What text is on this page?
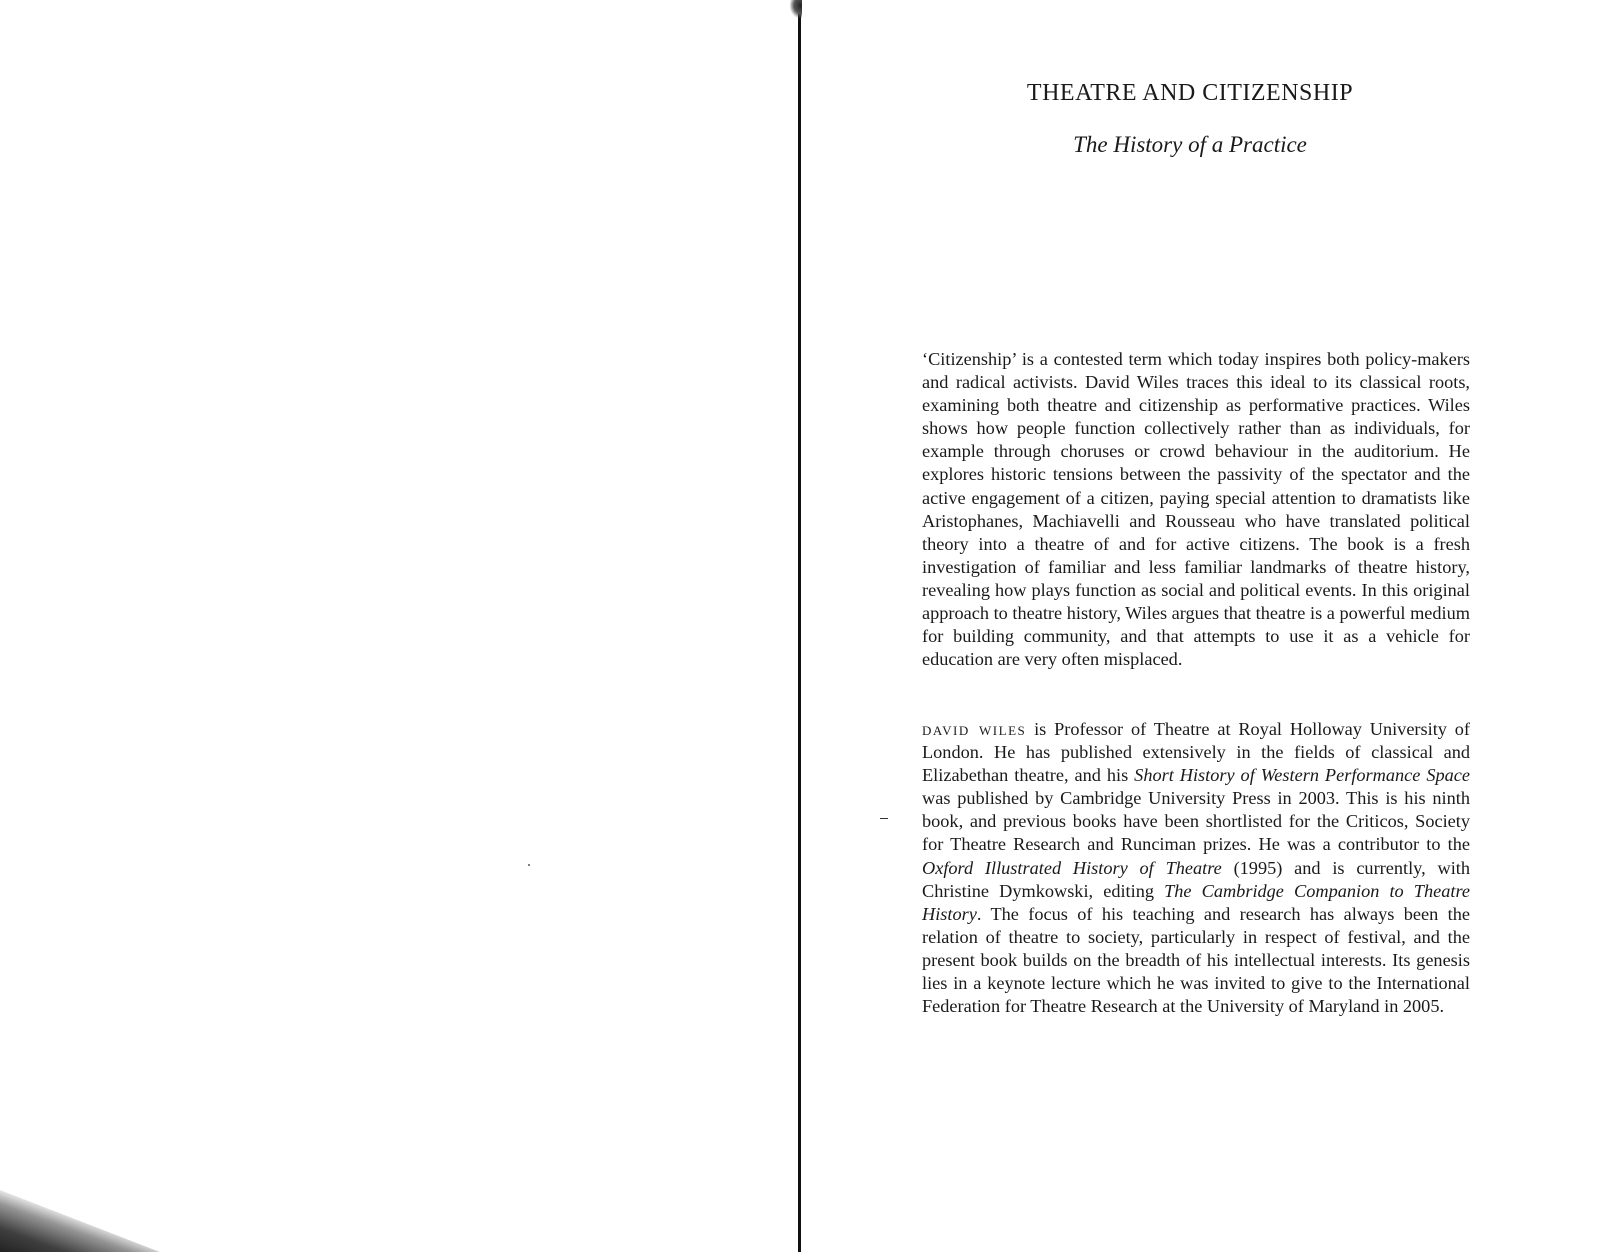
THEATRE AND CITIZENSHIP
The History of a Practice

‘Citizenship’ is a contested term which today inspires both policy-makers and radical activists. David Wiles traces this ideal to its classical roots, examining both theatre and citizenship as performative practices. Wiles shows how people function collectively rather than as individuals, for example through choruses or crowd behaviour in the auditorium. He explores historic tensions between the passivity of the spectator and the active engagement of a citizen, paying special attention to dramatists like Aristophanes, Machiavelli and Rousseau who have translated political theory into a theatre of and for active citizens. The book is a fresh investigation of familiar and less familiar landmarks of theatre history, revealing how plays function as social and political events. In this original approach to theatre history, Wiles argues that theatre is a powerful medium for building community, and that attempts to use it as a vehicle for education are very often misplaced.

david wiles is Professor of Theatre at Royal Holloway University of London. He has published extensively in the fields of classical and Elizabethan theatre, and his Short History of Western Performance Space was published by Cambridge University Press in 2003. This is his ninth book, and previous books have been shortlisted for the Criticos, Society for Theatre Research and Runciman prizes. He was a contributor to the Oxford Illustrated History of Theatre (1995) and is currently, with Christine Dymkowski, editing The Cambridge Companion to Theatre History. The focus of his teaching and research has always been the relation of theatre to society, particularly in respect of festival, and the present book builds on the breadth of his intellectual interests. Its genesis lies in a keynote lecture which he was invited to give to the International Federation for Theatre Research at the University of Maryland in 2005.
